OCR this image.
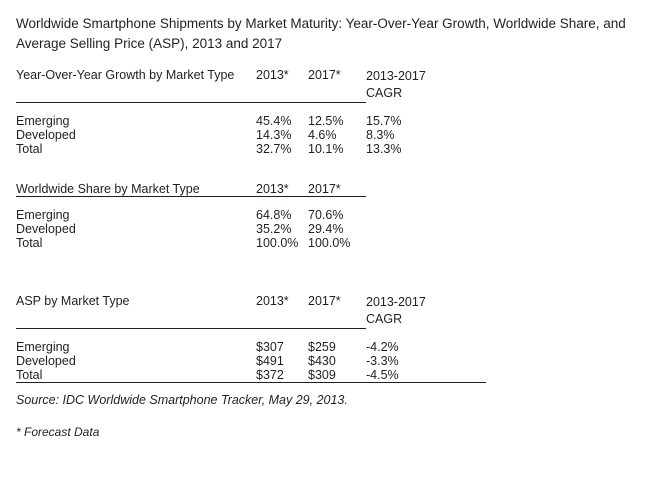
Worldwide Smartphone Shipments by Market Maturity: Year-Over-Year Growth, Worldwide Share, and Average Selling Price (ASP), 2013 and 2017
Year-Over-Year Growth by Market Type	2013*	2017*	2013-2017
CAGR

Emerging	45.4%	12.5%	15.7%
Developed	14.3%	4.6%	8.3%
Total	32.7%	10.1%	13.3%
Worldwide Share by Market Type	2013*	2017*	

Emerging	64.8%	70.6%	
Developed	35.2%	29.4%	
Total	100.0%	100.0%	
ASP by Market Type	2013*	2017*	2013-2017
CAGR

Emerging	$307	$259	-4.2%
Developed	$491	$430	-3.3%
Total	$372	$309	-4.5%
Source: IDC Worldwide Smartphone Tracker, May 29, 2013.
* Forecast Data
